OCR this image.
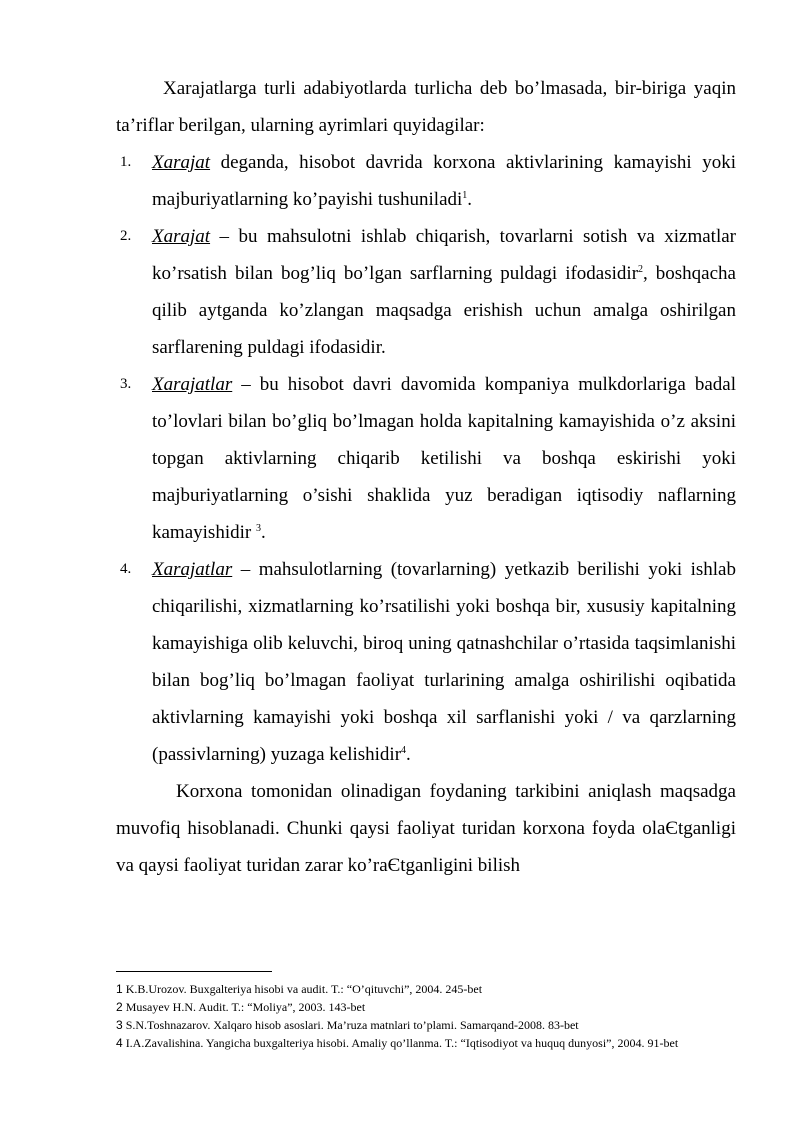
Xarajatlarga turli adabiyotlarda turlicha deb bo’lmasada, bir-biriga yaqin ta’riflar berilgan, ularning ayrimlari quyidagilar:

1. Xarajat deganda, hisobot davrida korxona aktivlarining kamayishi yoki majburiyatlarning ko’payishi tushuniladi$^1$.
2. Xarajat – bu mahsulotni ishlab chiqarish, tovarlarni sotish va xizmatlar ko’rsatish bilan bog’liq bo’lgan sarflarning puldagi ifodasidir$^2$, boshqacha qilib aytganda ko’zlangan maqsadga erishish uchun amalga oshirilgan sarflarening puldagi ifodasidir.
3. Xarajatlar – bu hisobot davri davomida kompaniya mulkdorlariga badal to’lovlari bilan bo’gliq bo’lmagan holda kapitalning kamayishida o’z aksini topgan aktivlarning chiqarib ketilishi va boshqa eskirishi yoki majburiyatlarning o’sishi shaklida yuz beradigan iqtisodiy naflarning kamayishidir $^3$.
4. Xarajatlar – mahsulotlarning (tovarlarning) yetkazib berilishi yoki ishlab chiqarilishi, xizmatlarning ko’rsatilishi yoki boshqa bir, xususiy kapitalning kamayishiga olib keluvchi, biroq uning qatnashchilar o’rtasida taqsimlanishi bilan bog’liq bo’lmagan faoliyat turlarining amalga oshirilishi oqibatida aktivlarning kamayishi yoki boshqa xil sarflanishi yoki / va qarzlarning (passivlarning) yuzaga kelishidir$^4$.

Korxona tomonidan olinadigan foydaning tarkibini aniqlash maqsadga muvofiq hisoblanadi. Chunki qaysi faoliyat turidan korxona foyda olaЄtganligi va qaysi faoliyat turidan zarar ko’raЄtganligini bilish

1 K.B.Urozov. Buxgalteriya hisobi va audit. T.: “O’qituvchi”, 2004. 245-bet
2 Musayev H.N. Audit. T.: “Moliya”, 2003. 143-bet
3 S.N.Toshnazarov. Xalqaro hisob asoslari. Ma’ruza matnlari to’plami. Samarqand-2008. 83-bet
4 I.A.Zavalishina. Yangicha buxgalteriya hisobi. Amaliy qo’llanma. T.: “Iqtisodiyot va huquq dunyosi”, 2004. 91-bet
